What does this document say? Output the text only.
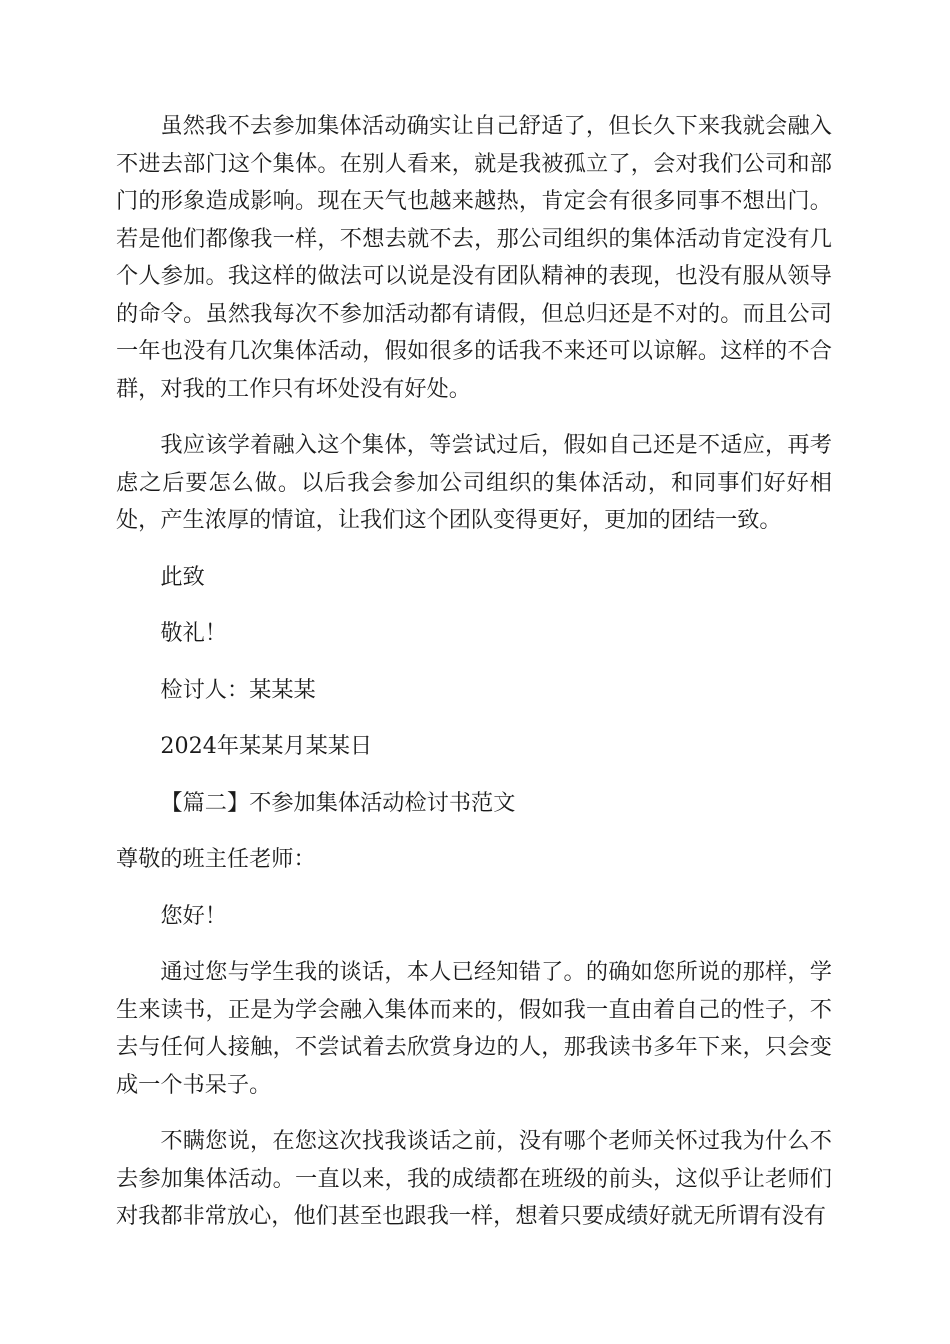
虽然我不去参加集体活动确实让自己舒适了，但长久下来我就会融入不进去部门这个集体。在别人看来，就是我被孤立了，会对我们公司和部门的形象造成影响。现在天气也越来越热，肯定会有很多同事不想出门。若是他们都像我一样，不想去就不去，那公司组织的集体活动肯定没有几个人参加。我这样的做法可以说是没有团队精神的表现，也没有服从领导的命令。虽然我每次不参加活动都有请假，但总归还是不对的。而且公司一年也没有几次集体活动，假如很多的话我不来还可以谅解。这样的不合群，对我的工作只有坏处没有好处。

我应该学着融入这个集体，等尝试过后，假如自己还是不适应，再考虑之后要怎么做。以后我会参加公司组织的集体活动，和同事们好好相处，产生浓厚的情谊，让我们这个团队变得更好，更加的团结一致。

此致

敬礼！

检讨人：某某某

2024年某某月某某日

【篇二】不参加集体活动检讨书范文

尊敬的班主任老师：

您好！

通过您与学生我的谈话，本人已经知错了。的确如您所说的那样，学生来读书，正是为学会融入集体而来的，假如我一直由着自己的性子，不去与任何人接触，不尝试着去欣赏身边的人，那我读书多年下来，只会变成一个书呆子。

不瞒您说，在您这次找我谈话之前，没有哪个老师关怀过我为什么不去参加集体活动。一直以来，我的成绩都在班级的前头，这似乎让老师们对我都非常放心，他们甚至也跟我一样，想着只要成绩好就无所谓有没有
